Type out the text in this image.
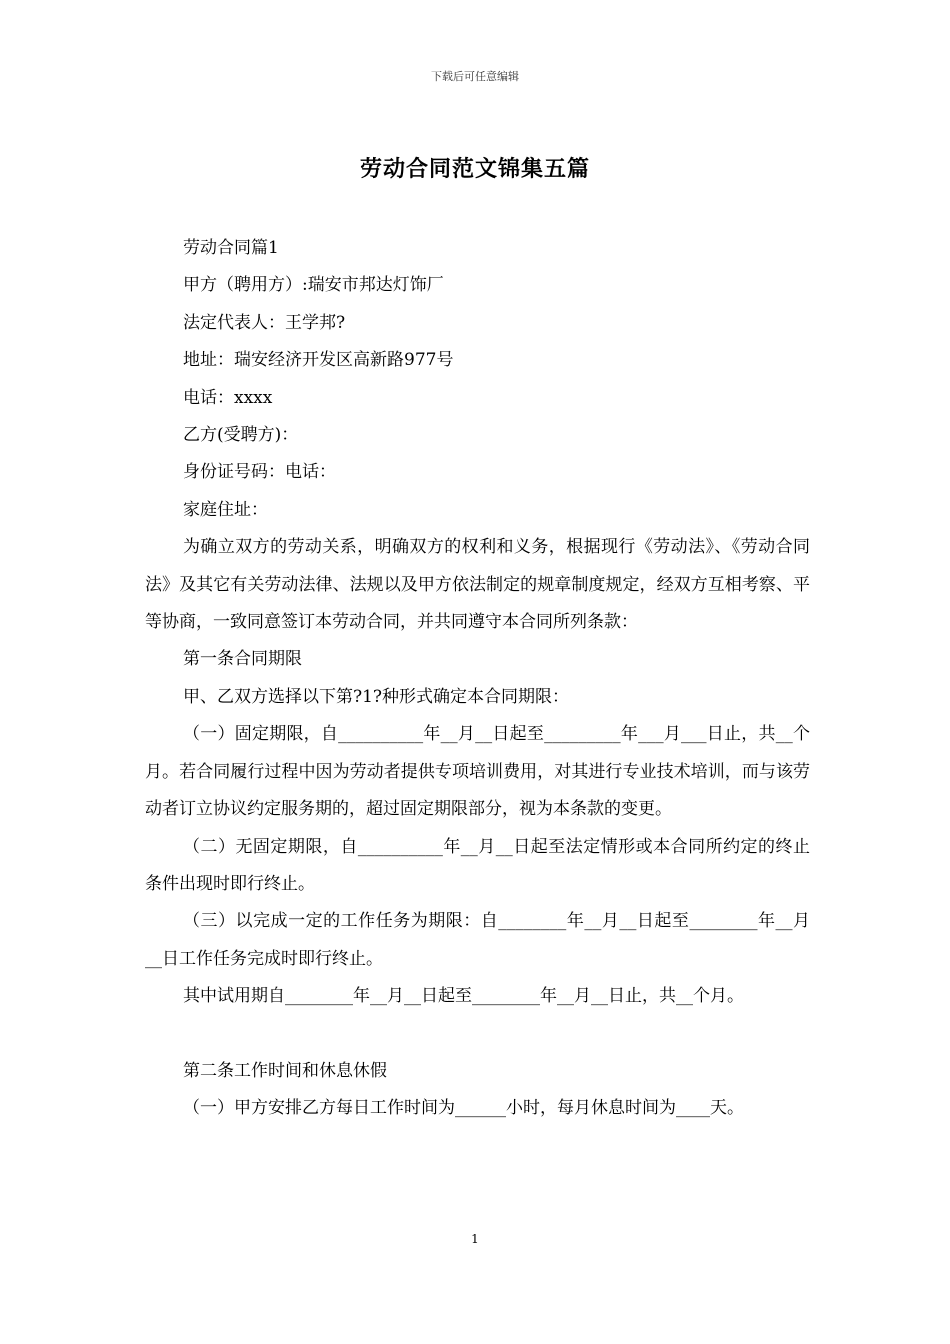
下载后可任意编辑
劳动合同范文锦集五篇

劳动合同篇1

甲方（聘用方）:瑞安市邦达灯饰厂

法定代表人：王学邦?

地址：瑞安经济开发区高新路977号

电话：xxxx

乙方(受聘方)：

身份证号码：电话：

家庭住址：

为确立双方的劳动关系，明确双方的权利和义务，根据现行《劳动法》、《劳动合同法》及其它有关劳动法律、法规以及甲方依法制定的规章制度规定，经双方互相考察、平等协商，一致同意签订本劳动合同，并共同遵守本合同所列条款：

第一条合同期限

甲、乙双方选择以下第?1?种形式确定本合同期限：

（一）固定期限，自__________年__月__日起至_________年___月___日止，共__个月。若合同履行过程中因为劳动者提供专项培训费用，对其进行专业技术培训，而与该劳动者订立协议约定服务期的，超过固定期限部分，视为本条款的变更。

（二）无固定期限，自__________年__月__日起至法定情形或本合同所约定的终止条件出现时即行终止。

（三）以完成一定的工作任务为期限：自________年__月__日起至________年__月__日工作任务完成时即行终止。

其中试用期自________年__月__日起至________年__月__日止，共__个月。

第二条工作时间和休息休假

（一）甲方安排乙方每日工作时间为______小时，每月休息时间为____天。

1
